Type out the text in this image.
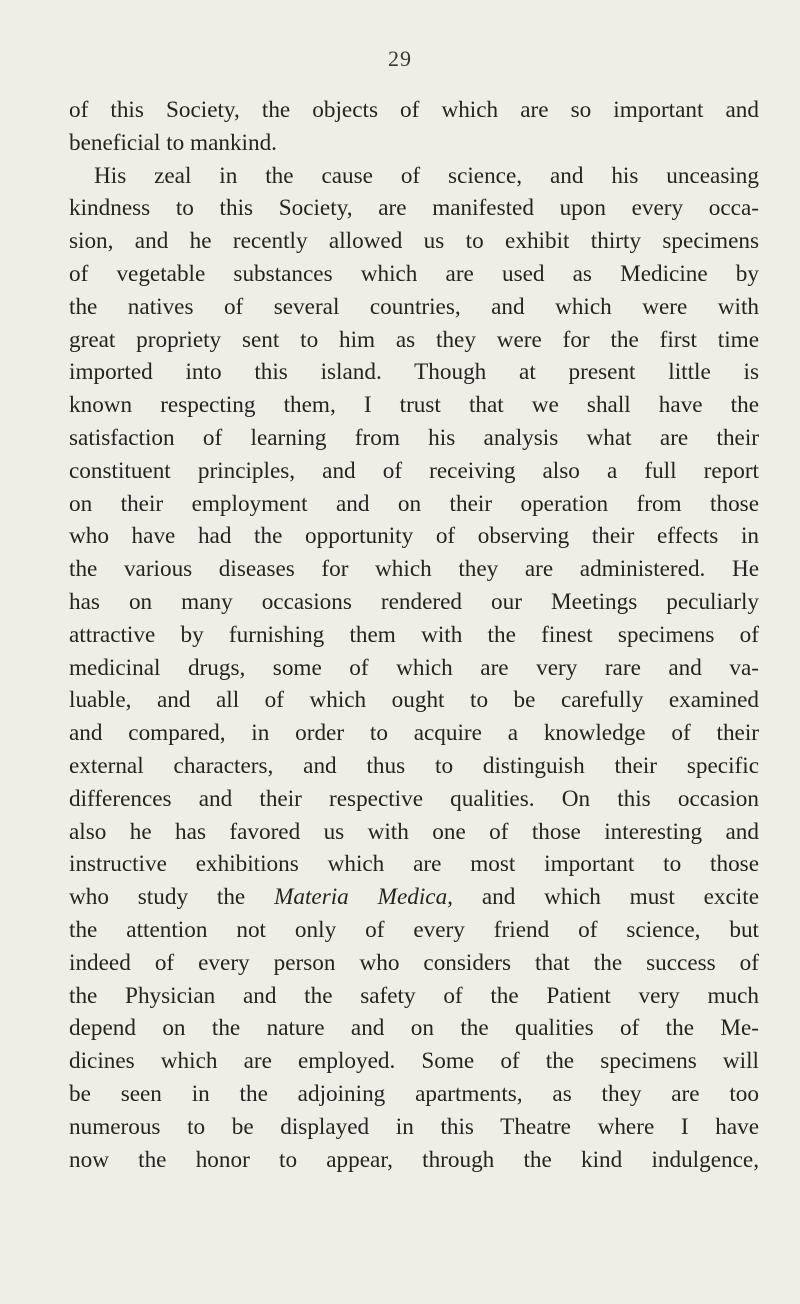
29
of this Society, the objects of which are so important and
beneficial to mankind.
His zeal in the cause of science, and his unceasing
kindness to this Society, are manifested upon every occa-
sion, and he recently allowed us to exhibit thirty specimens
of vegetable substances which are used as Medicine by
the natives of several countries, and which were with
great propriety sent to him as they were for the first time
imported into this island. Though at present little is
known respecting them, I trust that we shall have the
satisfaction of learning from his analysis what are their
constituent principles, and of receiving also a full report
on their employment and on their operation from those
who have had the opportunity of observing their effects in
the various diseases for which they are administered. He
has on many occasions rendered our Meetings peculiarly
attractive by furnishing them with the finest specimens of
medicinal drugs, some of which are very rare and va-
luable, and all of which ought to be carefully examined
and compared, in order to acquire a knowledge of their
external characters, and thus to distinguish their specific
differences and their respective qualities. On this occasion
also he has favored us with one of those interesting and
instructive exhibitions which are most important to those
who study the Materia Medica, and which must excite
the attention not only of every friend of science, but
indeed of every person who considers that the success of
the Physician and the safety of the Patient very much
depend on the nature and on the qualities of the Me-
dicines which are employed. Some of the specimens will
be seen in the adjoining apartments, as they are too
numerous to be displayed in this Theatre where I have
now the honor to appear, through the kind indulgence,
